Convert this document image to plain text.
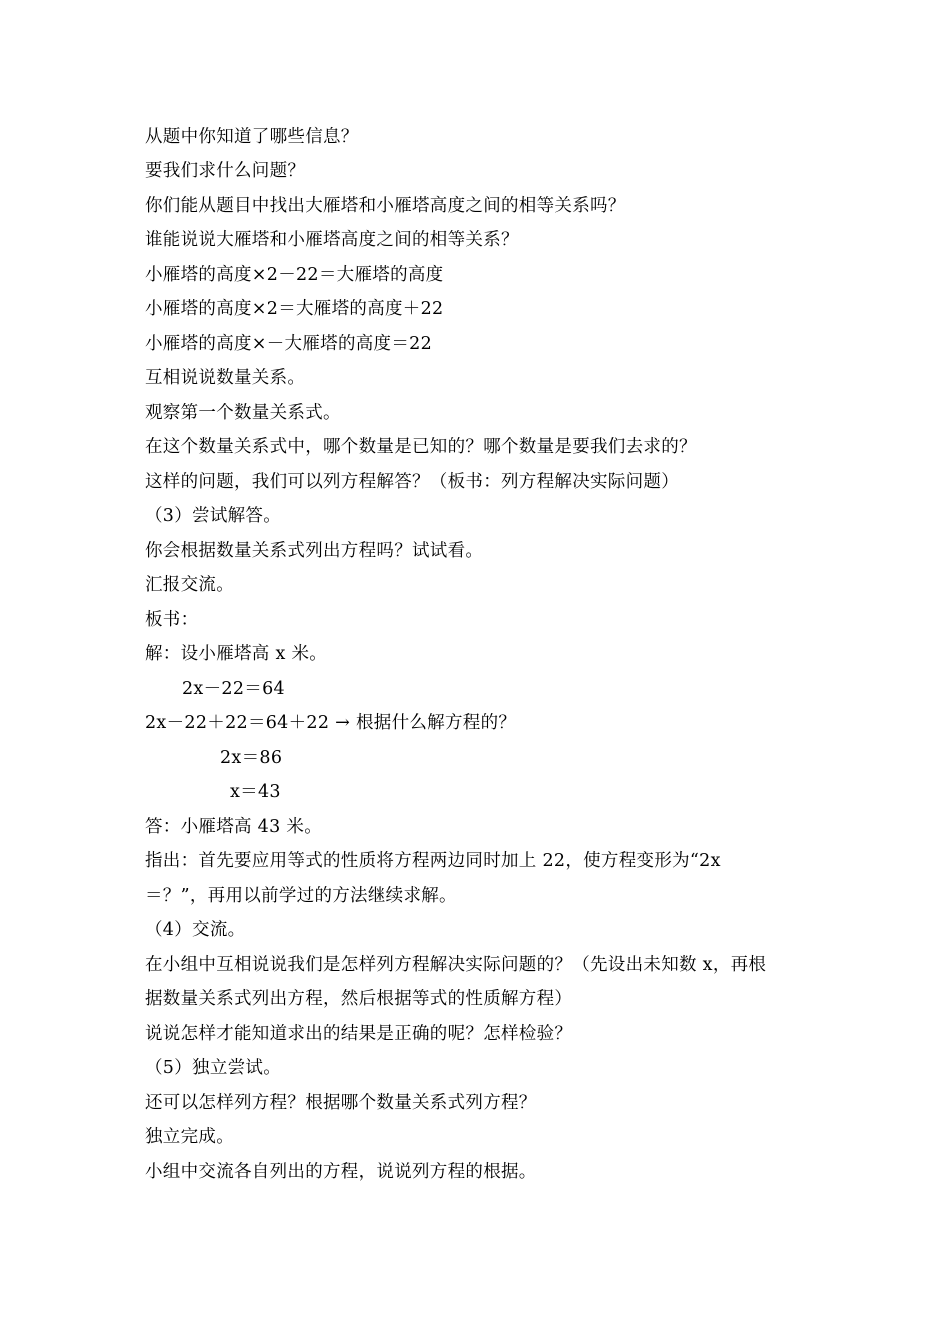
从题中你知道了哪些信息？
要我们求什么问题？
你们能从题目中找出大雁塔和小雁塔高度之间的相等关系吗？
谁能说说大雁塔和小雁塔高度之间的相等关系？
小雁塔的高度×2－22＝大雁塔的高度
小雁塔的高度×2＝大雁塔的高度＋22
小雁塔的高度×－大雁塔的高度＝22
互相说说数量关系。
观察第一个数量关系式。
在这个数量关系式中，哪个数量是已知的？哪个数量是要我们去求的？
这样的问题，我们可以列方程解答？（板书：列方程解决实际问题）
（3）尝试解答。
你会根据数量关系式列出方程吗？试试看。
汇报交流。
板书：
解：设小雁塔高 x 米。
2x－22＝64
2x－22＋22＝64＋22 → 根据什么解方程的？
2x＝86
x＝43
答：小雁塔高 43 米。
指出：首先要应用等式的性质将方程两边同时加上 22，使方程变形为“2x
＝？”，再用以前学过的方法继续求解。
（4）交流。
在小组中互相说说我们是怎样列方程解决实际问题的？（先设出未知数 x，再根
据数量关系式列出方程，然后根据等式的性质解方程）
说说怎样才能知道求出的结果是正确的呢？怎样检验？
（5）独立尝试。
还可以怎样列方程？根据哪个数量关系式列方程？
独立完成。
小组中交流各自列出的方程，说说列方程的根据。
